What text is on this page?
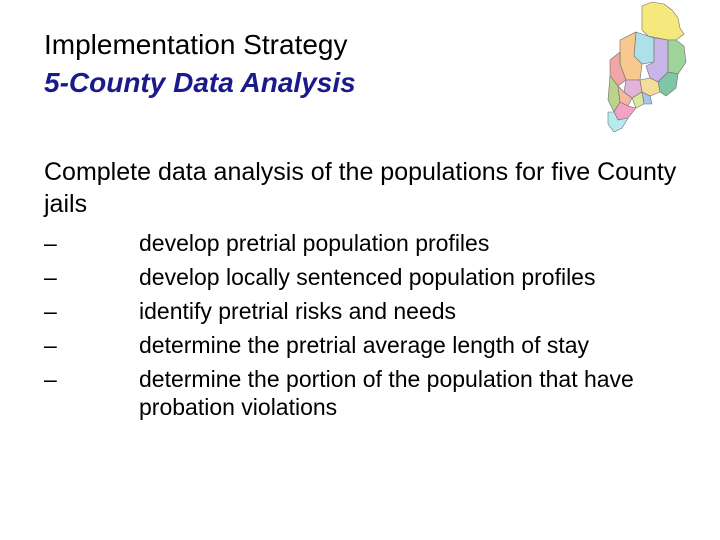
Implementation Strategy
5-County Data Analysis
Complete data analysis of the populations for five County jails
–	develop pretrial population profiles
–	develop locally sentenced population profiles
–	identify pretrial risks and needs
–	determine the pretrial average length of stay
–	determine the portion of the population that have probation violations
